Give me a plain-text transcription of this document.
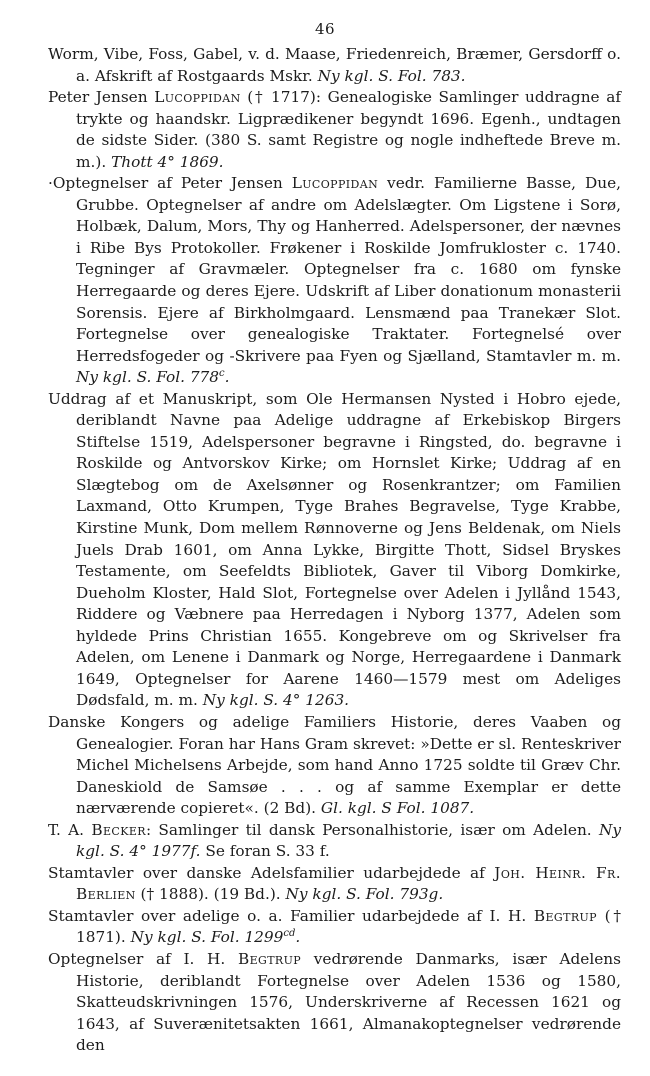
46

Worm, Vibe, Foss, Gabel, v. d. Maase, Friedenreich, Bræmer, Gersdorff o. a. Afskrift af Rostgaards Mskr. Ny kgl. S. Fol. 783.

Peter Jensen Lucoppidan († 1717): Genealogiske Samlinger uddragne af trykte og haandskr. Ligprædikener begyndt 1696. Egenh., undtagen de sidste Sider. (380 S. samt Registre og nogle indheftede Breve m. m.). Thott 4° 1869.

·Optegnelser af Peter Jensen Lucoppidan vedr. Familierne Basse, Due, Grubbe. Optegnelser af andre om Adelslægter. Om Ligstene i Sorø, Holbæk, Dalum, Mors, Thy og Hanherred. Adelspersoner, der nævnes i Ribe Bys Protokoller. Frøkener i Roskilde Jomfrukloster c. 1740. Tegninger af Gravmæler. Optegnelser fra c. 1680 om fynske Herregaarde og deres Ejere. Udskrift af Liber donationum monasterii Sorensis. Ejere af Birkholmgaard. Lensmænd paa Tranekær Slot. Fortegnelse over genealogiske Traktater. Fortegnelsé over Herredsfogeder og -Skrivere paa Fyen og Sjælland, Stamtavler m. m. Ny kgl. S. Fol. 778$^c$.

Uddrag af et Manuskript, som Ole Hermansen Nysted i Hobro ejede, deriblandt Navne paa Adelige uddragne af Erkebiskop Birgers Stiftelse 1519, Adelspersoner begravne i Ringsted, do. begravne i Roskilde og Antvorskov Kirke; om Hornslet Kirke; Uddrag af en Slægtebog om de Axelsønner og Rosenkrantzer; om Familien Laxmand, Otto Krumpen, Tyge Brahes Begravelse, Tyge Krabbe, Kirstine Munk, Dom mellem Rønnoverne og Jens Beldenak, om Niels Juels Drab 1601, om Anna Lykke, Birgitte Thott, Sidsel Bryskes Testamente, om Seefeldts Bibliotek, Gaver til Viborg Domkirke, Dueholm Kloster, Hald Slot, Fortegnelse over Adelen i Jyllånd 1543, Riddere og Væbnere paa Herredagen i Nyborg 1377, Adelen som hyldede Prins Christian 1655. Kongebreve om og Skrivelser fra Adelen, om Lenene i Danmark og Norge, Herregaardene i Danmark 1649, Optegnelser for Aarene 1460—1579 mest om Adeliges Dødsfald, m. m. Ny kgl. S. 4° 1263.

Danske Kongers og adelige Familiers Historie, deres Vaaben og Genealogier. Foran har Hans Gram skrevet: »Dette er sl. Renteskriver Michel Michelsens Arbejde, som hand Anno 1725 soldte til Græv Chr. Daneskiold de Samsøe . . . og af samme Exemplar er dette nærværende copieret«. (2 Bd). Gl. kgl. S Fol. 1087.

T. A. Becker: Samlinger til dansk Personalhistorie, især om Adelen. Ny kgl. S. 4° 1977f. Se foran S. 33 f.

Stamtavler over danske Adelsfamilier udarbejdede af Joh. Heinr. Fr. Berlien († 1888). (19 Bd.). Ny kgl. S. Fol. 793g.

Stamtavler over adelige o. a. Familier udarbejdede af I. H. Begtrup († 1871). Ny kgl. S. Fol. 1299$^{cd}$.

Optegnelser af I. H. Begtrup vedrørende Danmarks, især Adelens Historie, deriblandt Fortegnelse over Adelen 1536 og 1580, Skatteudskrivningen 1576, Underskriverne af Recessen 1621 og 1643, af Suverænitetsakten 1661, Almanakoptegnelser vedrørende den
